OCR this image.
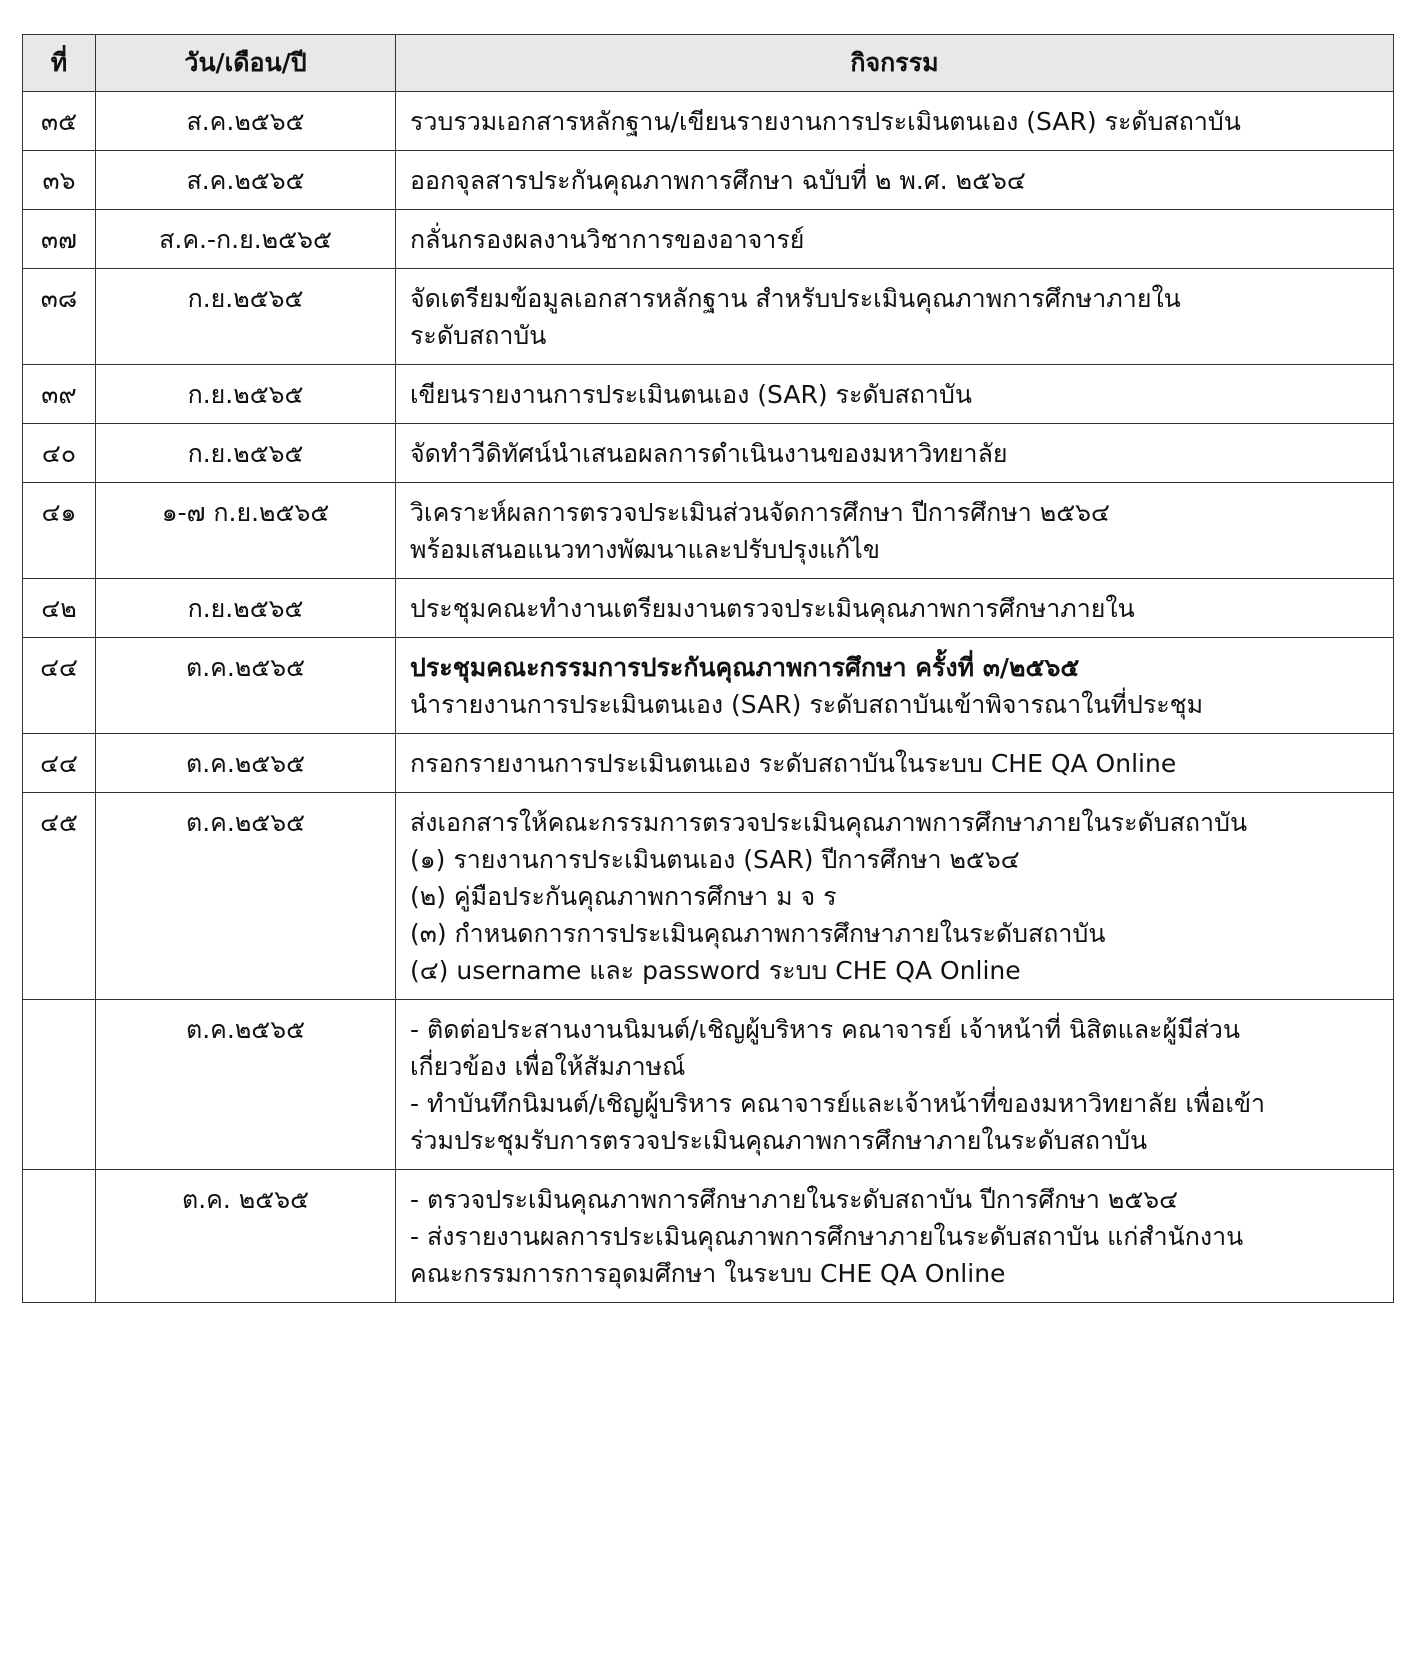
ที่	วัน/เดือน/ปี	กิจกรรม
๓๕	ส.ค.๒๕๖๕	รวบรวมเอกสารหลักฐาน/เขียนรายงานการประเมินตนเอง (SAR) ระดับสถาบัน

๓๖	ส.ค.๒๕๖๕	ออกจุลสารประกันคุณภาพการศึกษา ฉบับที่ ๒ พ.ศ. ๒๕๖๔

๓๗	ส.ค.-ก.ย.๒๕๖๕	กลั่นกรองผลงานวิชาการของอาจารย์

๓๘	ก.ย.๒๕๖๕	จัดเตรียมข้อมูลเอกสารหลักฐาน สำหรับประเมินคุณภาพการศึกษาภายใน
ระดับสถาบัน

๓๙	ก.ย.๒๕๖๕	เขียนรายงานการประเมินตนเอง (SAR) ระดับสถาบัน

๔๐	ก.ย.๒๕๖๕	จัดทำวีดิทัศน์นำเสนอผลการดำเนินงานของมหาวิทยาลัย

๔๑	๑-๗ ก.ย.๒๕๖๕	วิเคราะห์ผลการตรวจประเมินส่วนจัดการศึกษา ปีการศึกษา ๒๕๖๔
พร้อมเสนอแนวทางพัฒนาและปรับปรุงแก้ไข

๔๒	ก.ย.๒๕๖๕	ประชุมคณะทำงานเตรียมงานตรวจประเมินคุณภาพการศึกษาภายใน

๔๔	ต.ค.๒๕๖๕	ประชุมคณะกรรมการประกันคุณภาพการศึกษา ครั้งที่ ๓/๒๕๖๕
นำรายงานการประเมินตนเอง (SAR) ระดับสถาบันเข้าพิจารณาในที่ประชุม

๔๔	ต.ค.๒๕๖๕	กรอกรายงานการประเมินตนเอง ระดับสถาบันในระบบ CHE QA Online

๔๕	ต.ค.๒๕๖๕	ส่งเอกสารให้คณะกรรมการตรวจประเมินคุณภาพการศึกษาภายในระดับสถาบัน
(๑) รายงานการประเมินตนเอง (SAR) ปีการศึกษา ๒๕๖๔
(๒) คู่มือประกันคุณภาพการศึกษา ม จ ร
(๓) กำหนดการการประเมินคุณภาพการศึกษาภายในระดับสถาบัน
(๔) username และ password ระบบ CHE QA Online

	ต.ค.๒๕๖๕	- ติดต่อประสานงานนิมนต์/เชิญผู้บริหาร คณาจารย์ เจ้าหน้าที่ นิสิตและผู้มีส่วน
เกี่ยวข้อง เพื่อให้สัมภาษณ์
- ทำบันทึกนิมนต์/เชิญผู้บริหาร คณาจารย์และเจ้าหน้าที่ของมหาวิทยาลัย เพื่อเข้า
ร่วมประชุมรับการตรวจประเมินคุณภาพการศึกษาภายในระดับสถาบัน

	ต.ค. ๒๕๖๕	- ตรวจประเมินคุณภาพการศึกษาภายในระดับสถาบัน ปีการศึกษา ๒๕๖๔
- ส่งรายงานผลการประเมินคุณภาพการศึกษาภายในระดับสถาบัน แก่สำนักงาน
คณะกรรมการการอุดมศึกษา ในระบบ CHE QA Online
